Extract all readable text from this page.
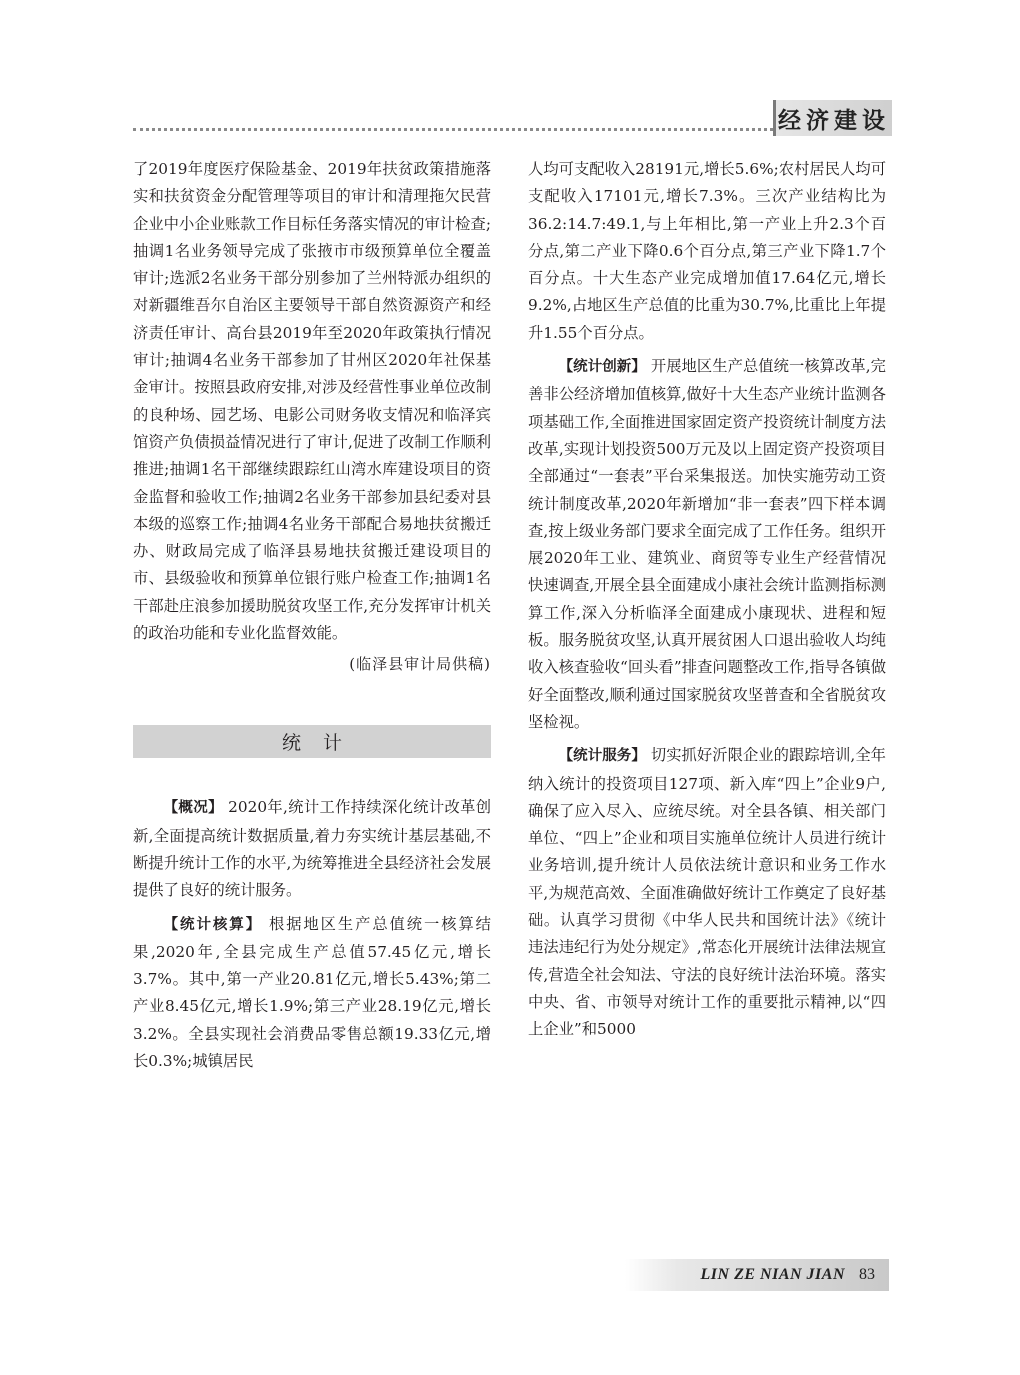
经济建设

了2019年度医疗保险基金、2019年扶贫政策措施落实和扶贫资金分配管理等项目的审计和清理拖欠民营企业中小企业账款工作目标任务落实情况的审计检查;抽调1名业务领导完成了张掖市市级预算单位全覆盖审计;选派2名业务干部分别参加了兰州特派办组织的对新疆维吾尔自治区主要领导干部自然资源资产和经济责任审计、高台县2019年至2020年政策执行情况审计;抽调4名业务干部参加了甘州区2020年社保基金审计。按照县政府安排,对涉及经营性事业单位改制的良种场、园艺场、电影公司财务收支情况和临泽宾馆资产负债损益情况进行了审计,促进了改制工作顺利推进;抽调1名干部继续跟踪红山湾水库建设项目的资金监督和验收工作;抽调2名业务干部参加县纪委对县本级的巡察工作;抽调4名业务干部配合易地扶贫搬迁办、财政局完成了临泽县易地扶贫搬迁建设项目的市、县级验收和预算单位银行账户检查工作;抽调1名干部赴庄浪参加援助脱贫攻坚工作,充分发挥审计机关的政治功能和专业化监督效能。

(临泽县审计局供稿)

统计

【概况】 2020年,统计工作持续深化统计改革创新,全面提高统计数据质量,着力夯实统计基层基础,不断提升统计工作的水平,为统筹推进全县经济社会发展提供了良好的统计服务。

【统计核算】 根据地区生产总值统一核算结果,2020年,全县完成生产总值57.45亿元,增长3.7%。其中,第一产业20.81亿元,增长5.43%;第二产业8.45亿元,增长1.9%;第三产业28.19亿元,增长3.2%。全县实现社会消费品零售总额19.33亿元,增长0.3%;城镇居民

人均可支配收入28191元,增长5.6%;农村居民人均可支配收入17101元,增长7.3%。三次产业结构比为36.2:14.7:49.1,与上年相比,第一产业上升2.3个百分点,第二产业下降0.6个百分点,第三产业下降1.7个百分点。十大生态产业完成增加值17.64亿元,增长9.2%,占地区生产总值的比重为30.7%,比重比上年提升1.55个百分点。

【统计创新】 开展地区生产总值统一核算改革,完善非公经济增加值核算,做好十大生态产业统计监测各项基础工作,全面推进国家固定资产投资统计制度方法改革,实现计划投资500万元及以上固定资产投资项目全部通过“一套表”平台采集报送。加快实施劳动工资统计制度改革,2020年新增加“非一套表”四下样本调查,按上级业务部门要求全面完成了工作任务。组织开展2020年工业、建筑业、商贸等专业生产经营情况快速调查,开展全县全面建成小康社会统计监测指标测算工作,深入分析临泽全面建成小康现状、进程和短板。服务脱贫攻坚,认真开展贫困人口退出验收人均纯收入核查验收“回头看”排查问题整改工作,指导各镇做好全面整改,顺利通过国家脱贫攻坚普查和全省脱贫攻坚检视。

【统计服务】 切实抓好沂限企业的跟踪培训,全年纳入统计的投资项目127项、新入库“四上”企业9户,确保了应入尽入、应统尽统。对全县各镇、相关部门单位、“四上”企业和项目实施单位统计人员进行统计业务培训,提升统计人员依法统计意识和业务工作水平,为规范高效、全面准确做好统计工作奠定了良好基础。认真学习贯彻《中华人民共和国统计法》《统计违法违纪行为处分规定》,常态化开展统计法律法规宣传,营造全社会知法、守法的良好统计法治环境。落实中央、省、市领导对统计工作的重要批示精神,以“四上企业”和5000

LIN ZE NIAN JIAN 83
